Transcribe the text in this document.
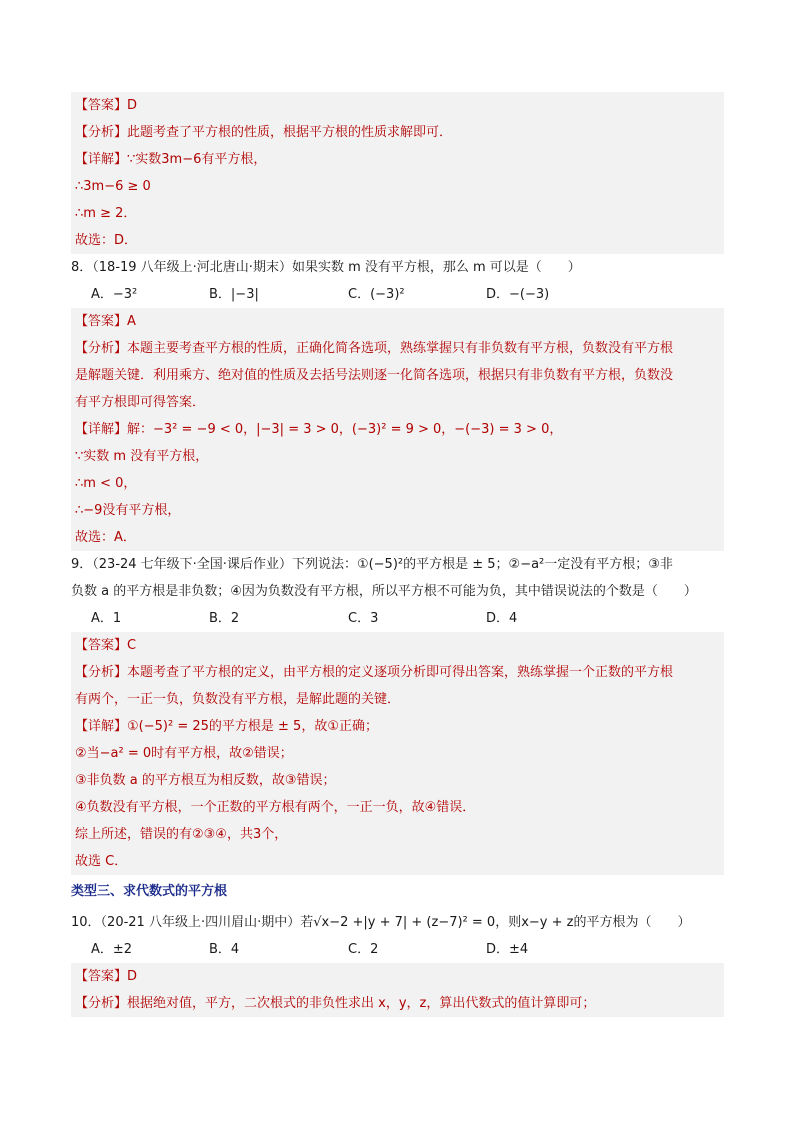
【答案】D
【分析】此题考查了平方根的性质，根据平方根的性质求解即可．
【详解】∵实数3m−6有平方根，
∴3m−6 ≥ 0
∴m ≥ 2．
故选：D．
8．（18-19 八年级上·河北唐山·期末）如果实数 m 没有平方根，那么 m 可以是（　　）
A．−3²	B．|−3|	C．(−3)²	D．−(−3)
【答案】A
【分析】本题主要考查平方根的性质，正确化简各选项，熟练掌握只有非负数有平方根，负数没有平方根
是解题关键．利用乘方、绝对值的性质及去括号法则逐一化简各选项，根据只有非负数有平方根，负数没
有平方根即可得答案．
【详解】解：−3² = −9 < 0，|−3| = 3 > 0，(−3)² = 9 > 0，−(−3) = 3 > 0，
∵实数 m 没有平方根，
∴m < 0，
∴−9没有平方根，
故选：A．
9．（23-24 七年级下·全国·课后作业）下列说法：①(−5)²的平方根是 ± 5；②−a²一定没有平方根；③非
负数 a 的平方根是非负数；④因为负数没有平方根，所以平方根不可能为负，其中错误说法的个数是（　　）
A．1	B．2	C．3	D．4
【答案】C
【分析】本题考查了平方根的定义，由平方根的定义逐项分析即可得出答案，熟练掌握一个正数的平方根
有两个，一正一负，负数没有平方根，是解此题的关键．
【详解】①(−5)² = 25的平方根是 ± 5，故①正确；
②当−a² = 0时有平方根，故②错误；
③非负数 a 的平方根互为相反数，故③错误；
④负数没有平方根，一个正数的平方根有两个，一正一负，故④错误．
综上所述，错误的有②③④，共3个，
故选 C．
类型三、求代数式的平方根
10．（20-21 八年级上·四川眉山·期中）若√x−2 +|y + 7| + (z−7)² = 0，则x−y + z的平方根为（　　）
A．±2	B．4	C．2	D．±4
【答案】D
【分析】根据绝对值，平方，二次根式的非负性求出 x，y，z，算出代数式的值计算即可；
